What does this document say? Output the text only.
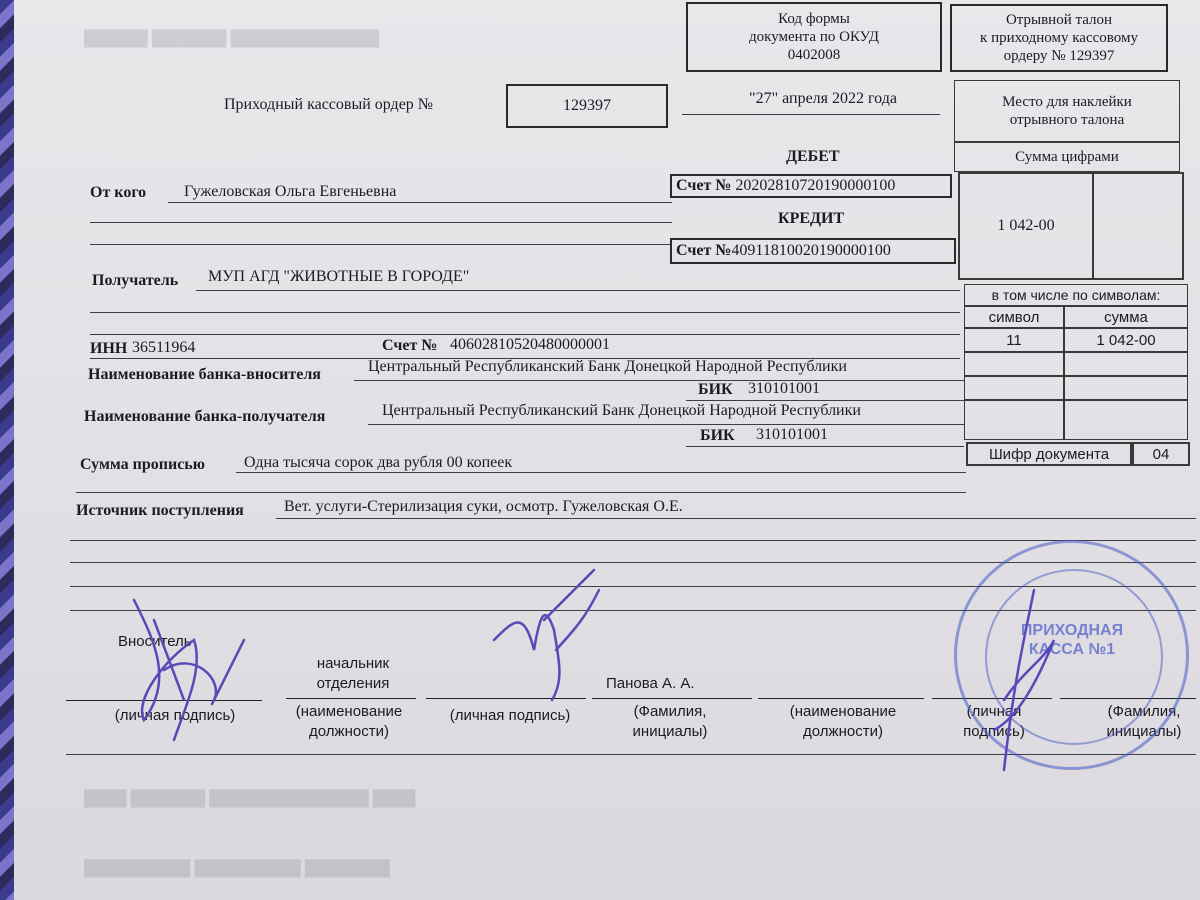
██████ ███████ ██████████████
████ ███████ ███████████████ ████
██████████ ██████████ ████████
Код формы
документа по ОКУД
0402008
Отрывной талон
к приходному кассовому
ордеру № 129397
Приходный кассовый ордер №	129397	"27" апреля 2022 года	Место для наклейки
отрывного талона
Сумма цифрами
1 042-00
в том числе по символам:
символ	сумма
11	1 042-00
Шифр документа	04
ДЕБЕТ
Счет №
20202810720190000100
От кого Гужеловская Ольга Евгеньевна
КРЕДИТ
Счет № 40911810020190000100
Получатель МУП АГД "ЖИВОТНЫЕ В ГОРОДЕ"
ИНН 36511964	Счет № 40602810520480000001
Наименование банка-вносителя	Центральный Республиканский Банк Донецкой Народной Республики
БИК 310101001
Наименование банка-получателя	Центральный Республиканский Банк Донецкой Народной Республики
БИК 310101001
Сумма прописью Одна тысяча сорок два рубля 00 копеек
Источник поступления	Вет. услуги-Стерилизация суки, осмотр. Гужеловская О.Е.
Вноситель
начальник
отделения	Панова А. А.
(личная подпись)	(наименование
должности)
(личная подпись)	(Фамилия,
инициалы)
(наименование
должности)
(личная
подпись)
(Фамилия,
инициалы)
ПРИХОДНАЯ
КАССА №1
